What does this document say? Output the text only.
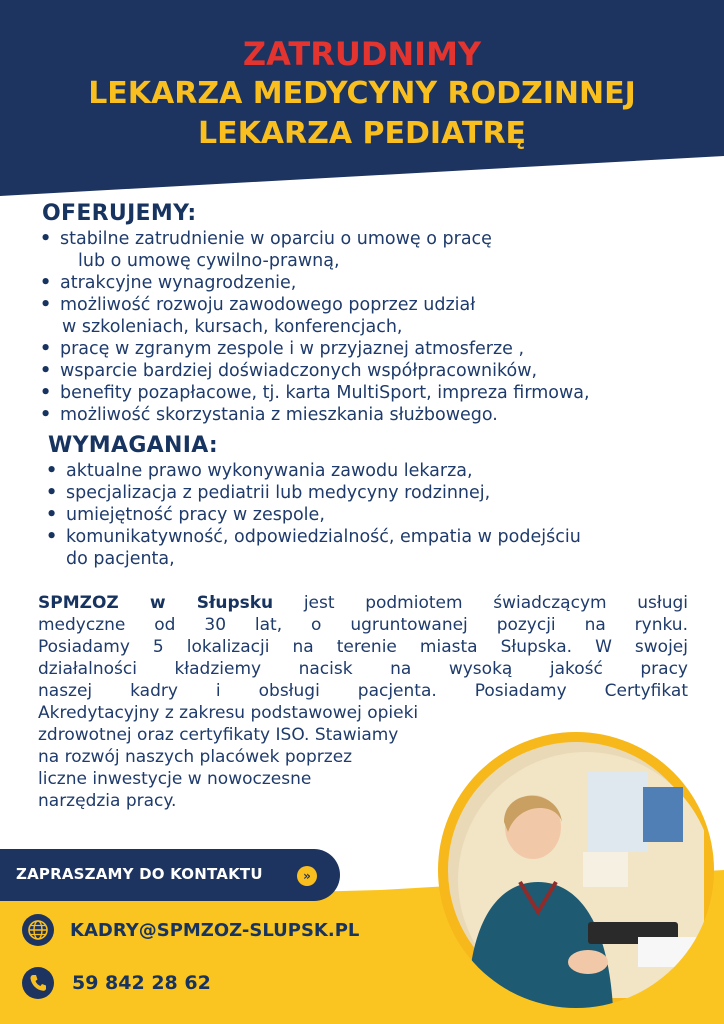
ZATRUDNIMY
LEKARZA MEDYCYNY RODZINNEJ
LEKARZA PEDIATRĘ
OFERUJEMY:
• stabilne zatrudnienie w oparciu o umowę o pracę
lub o umowę cywilno-prawną,
• atrakcyjne wynagrodzenie,
• możliwość rozwoju zawodowego poprzez udział
w szkoleniach, kursach, konferencjach,
• pracę w zgranym zespole i w przyjaznej atmosferze ,
• wsparcie bardziej doświadczonych współpracowników,
• benefity pozapłacowe, tj. karta MultiSport, impreza firmowa,
• możliwość skorzystania z mieszkania służbowego.
WYMAGANIA:
• aktualne prawo wykonywania zawodu lekarza,
• specjalizacja z pediatrii lub medycyny rodzinnej,
• umiejętność pracy w zespole,
• komunikatywność, odpowiedzialność, empatia w podejściu
do pacjenta,
SPMZOZ w Słupsku jest podmiotem świadczącym usługi
medyczne od 30 lat, o ugruntowanej pozycji na rynku.
Posiadamy 5 lokalizacji na terenie miasta Słupska. W swojej
działalności kładziemy nacisk na wysoką jakość pracy
naszej kadry i obsługi pacjenta. Posiadamy Certyfikat
Akredytacyjny z zakresu podstawowej opieki
zdrowotnej oraz certyfikaty ISO. Stawiamy
na rozwój naszych placówek poprzez
liczne inwestycje w nowoczesne
narzędzia pracy.
ZAPRASZAMY DO KONTAKTU	»
KADRY@SPMZOZ-SLUPSK.PL
59 842 28 62
